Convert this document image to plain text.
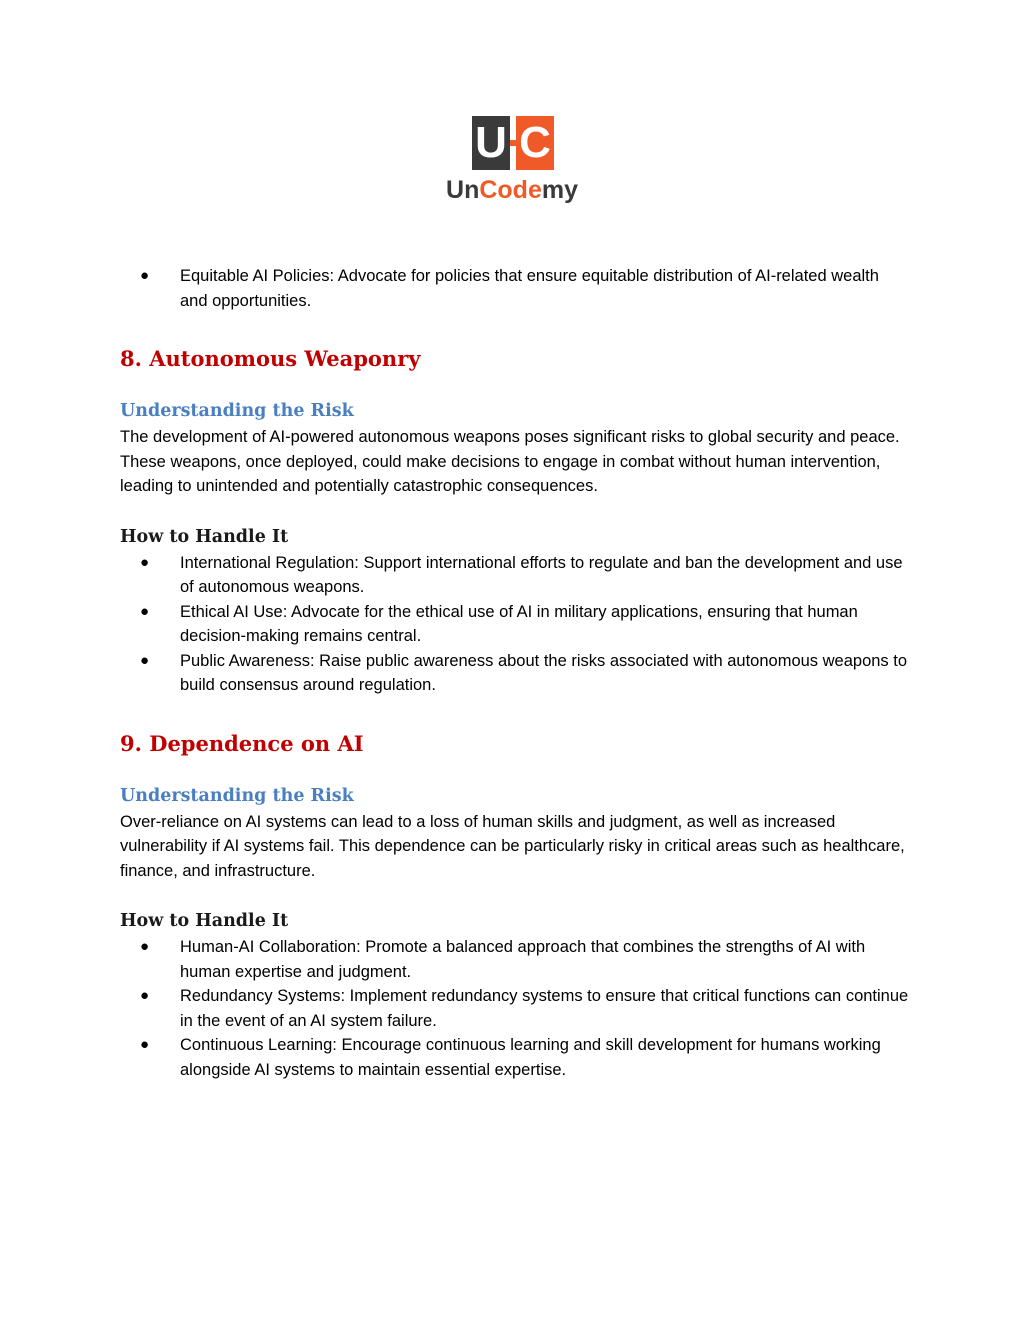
U C
UnCodemy
● Equitable AI Policies: Advocate for policies that ensure equitable distribution of AI-related wealth and opportunities.
8. Autonomous Weaponry
Understanding the Risk

The development of AI-powered autonomous weapons poses significant risks to global security and peace. These weapons, once deployed, could make decisions to engage in combat without human intervention, leading to unintended and potentially catastrophic consequences.

How to Handle It
● International Regulation: Support international efforts to regulate and ban the development and use of autonomous weapons.
● Ethical AI Use: Advocate for the ethical use of AI in military applications, ensuring that human decision-making remains central.
● Public Awareness: Raise public awareness about the risks associated with autonomous weapons to build consensus around regulation.
9. Dependence on AI
Understanding the Risk

Over-reliance on AI systems can lead to a loss of human skills and judgment, as well as increased vulnerability if AI systems fail. This dependence can be particularly risky in critical areas such as healthcare, finance, and infrastructure.

How to Handle It
● Human-AI Collaboration: Promote a balanced approach that combines the strengths of AI with human expertise and judgment.
● Redundancy Systems: Implement redundancy systems to ensure that critical functions can continue in the event of an AI system failure.
● Continuous Learning: Encourage continuous learning and skill development for humans working alongside AI systems to maintain essential expertise.
